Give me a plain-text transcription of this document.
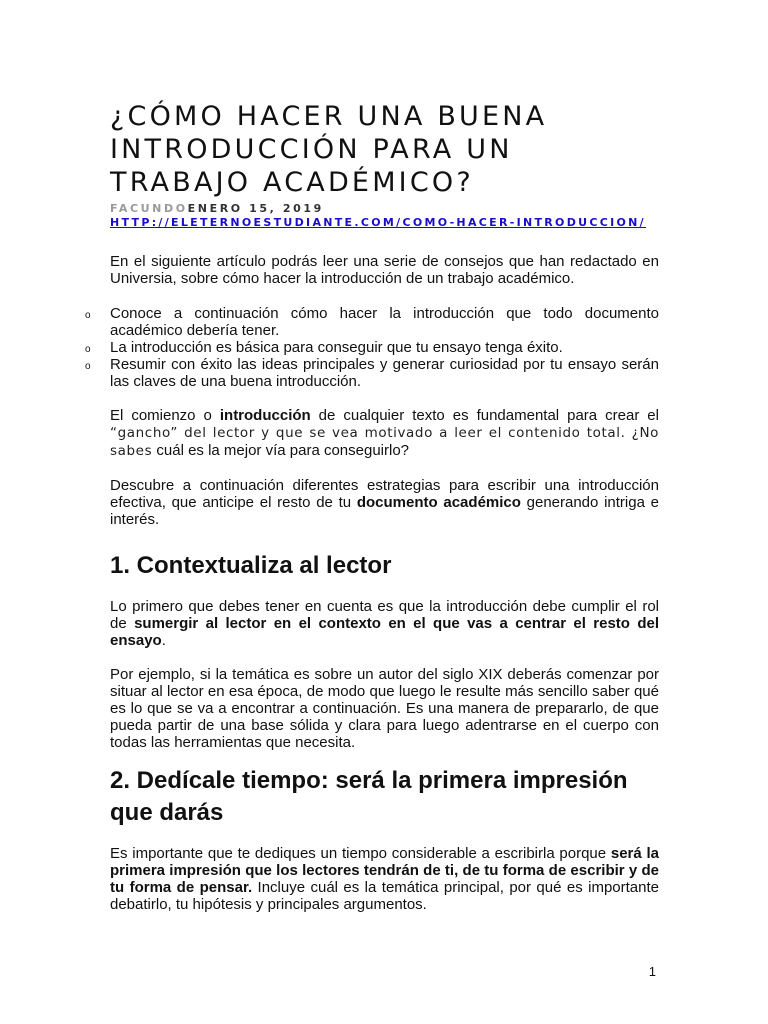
¿CÓMO HACER UNA BUENA INTRODUCCIÓN PARA UN TRABAJO ACADÉMICO?
FACUNDOENERO 15, 2019
HTTP://ELETERNOESTUDIANTE.COM/COMO-HACER-INTRODUCCION/

En el siguiente artículo podrás leer una serie de consejos que han redactado en Universia, sobre cómo hacer la introducción de un trabajo académico.

o Conoce a continuación cómo hacer la introducción que todo documento académico debería tener.
o La introducción es básica para conseguir que tu ensayo tenga éxito.
o Resumir con éxito las ideas principales y generar curiosidad por tu ensayo serán las claves de una buena introducción.

El comienzo o introducción de cualquier texto es fundamental para crear el “gancho” del lector y que se vea motivado a leer el contenido total. ¿No sabes cuál es la mejor vía para conseguirlo?

Descubre a continuación diferentes estrategias para escribir una introducción efectiva, que anticipe el resto de tu documento académico generando intriga e interés.

1. Contextualiza al lector

Lo primero que debes tener en cuenta es que la introducción debe cumplir el rol de sumergir al lector en el contexto en el que vas a centrar el resto del ensayo.

Por ejemplo, si la temática es sobre un autor del siglo XIX deberás comenzar por situar al lector en esa época, de modo que luego le resulte más sencillo saber qué es lo que se va a encontrar a continuación. Es una manera de prepararlo, de que pueda partir de una base sólida y clara para luego adentrarse en el cuerpo con todas las herramientas que necesita.

2. Dedícale tiempo: será la primera impresión que darás

Es importante que te dediques un tiempo considerable a escribirla porque será la primera impresión que los lectores tendrán de ti, de tu forma de escribir y de tu forma de pensar. Incluye cuál es la temática principal, por qué es importante debatirlo, tu hipótesis y principales argumentos.

1
